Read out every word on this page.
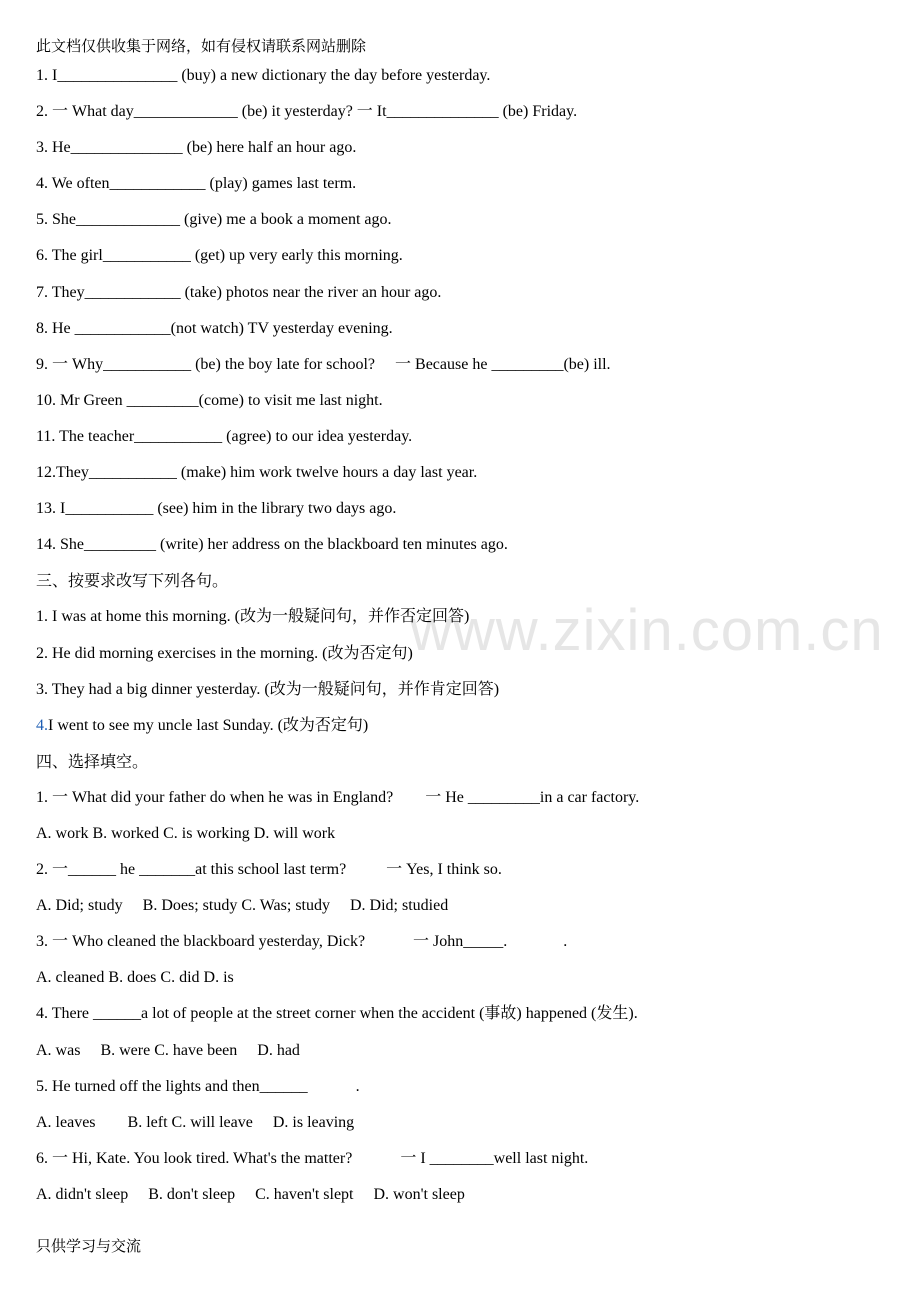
www.zixin.com.cn
此文档仅供收集于网络，如有侵权请联系网站删除
1. I_______________ (buy) a new dictionary the day before yesterday.
2. 一 What day_____________ (be) it yesterday? 一 It______________ (be) Friday.
3. He______________ (be) here half an hour ago.
4. We often____________ (play) games last term.
5. She_____________ (give) me a book a moment ago.
6. The girl___________ (get) up very early this morning.
7. They____________ (take) photos near the river an hour ago.
8. He ____________(not watch) TV yesterday evening.
9. 一 Why___________ (be) the boy late for school?     一 Because he _________(be) ill.
10. Mr Green _________(come) to visit me last night.
11. The teacher___________ (agree) to our idea yesterday.
12.They___________ (make) him work twelve hours a day last year.
13. I___________ (see) him in the library two days ago.
14. She_________ (write) her address on the blackboard ten minutes ago.
三、按要求改写下列各句。
1. I was at home this morning. (改为一般疑问句，并作否定回答)
2. He did morning exercises in the morning. (改为否定句)
3. They had a big dinner yesterday. (改为一般疑问句，并作肯定回答)
4.I went to see my uncle last Sunday. (改为否定句)
四、选择填空。
1. 一 What did your father do when he was in England?        一 He _________in a car factory.
A. work B. worked C. is working D. will work
2. 一______ he _______at this school last term?          一 Yes, I think so.
A. Did; study     B. Does; study C. Was; study     D. Did; studied
3. 一 Who cleaned the blackboard yesterday, Dick?            一 John_____.              .
A. cleaned B. does C. did D. is
4. There ______a lot of people at the street corner when the accident (事故) happened (发生).
A. was     B. were C. have been     D. had
5. He turned off the lights and then______            .
A. leaves        B. left C. will leave     D. is leaving
6. 一 Hi, Kate. You look tired. What's the matter?            一 I ________well last night.
A. didn't sleep     B. don't sleep     C. haven't slept     D. won't sleep
只供学习与交流
